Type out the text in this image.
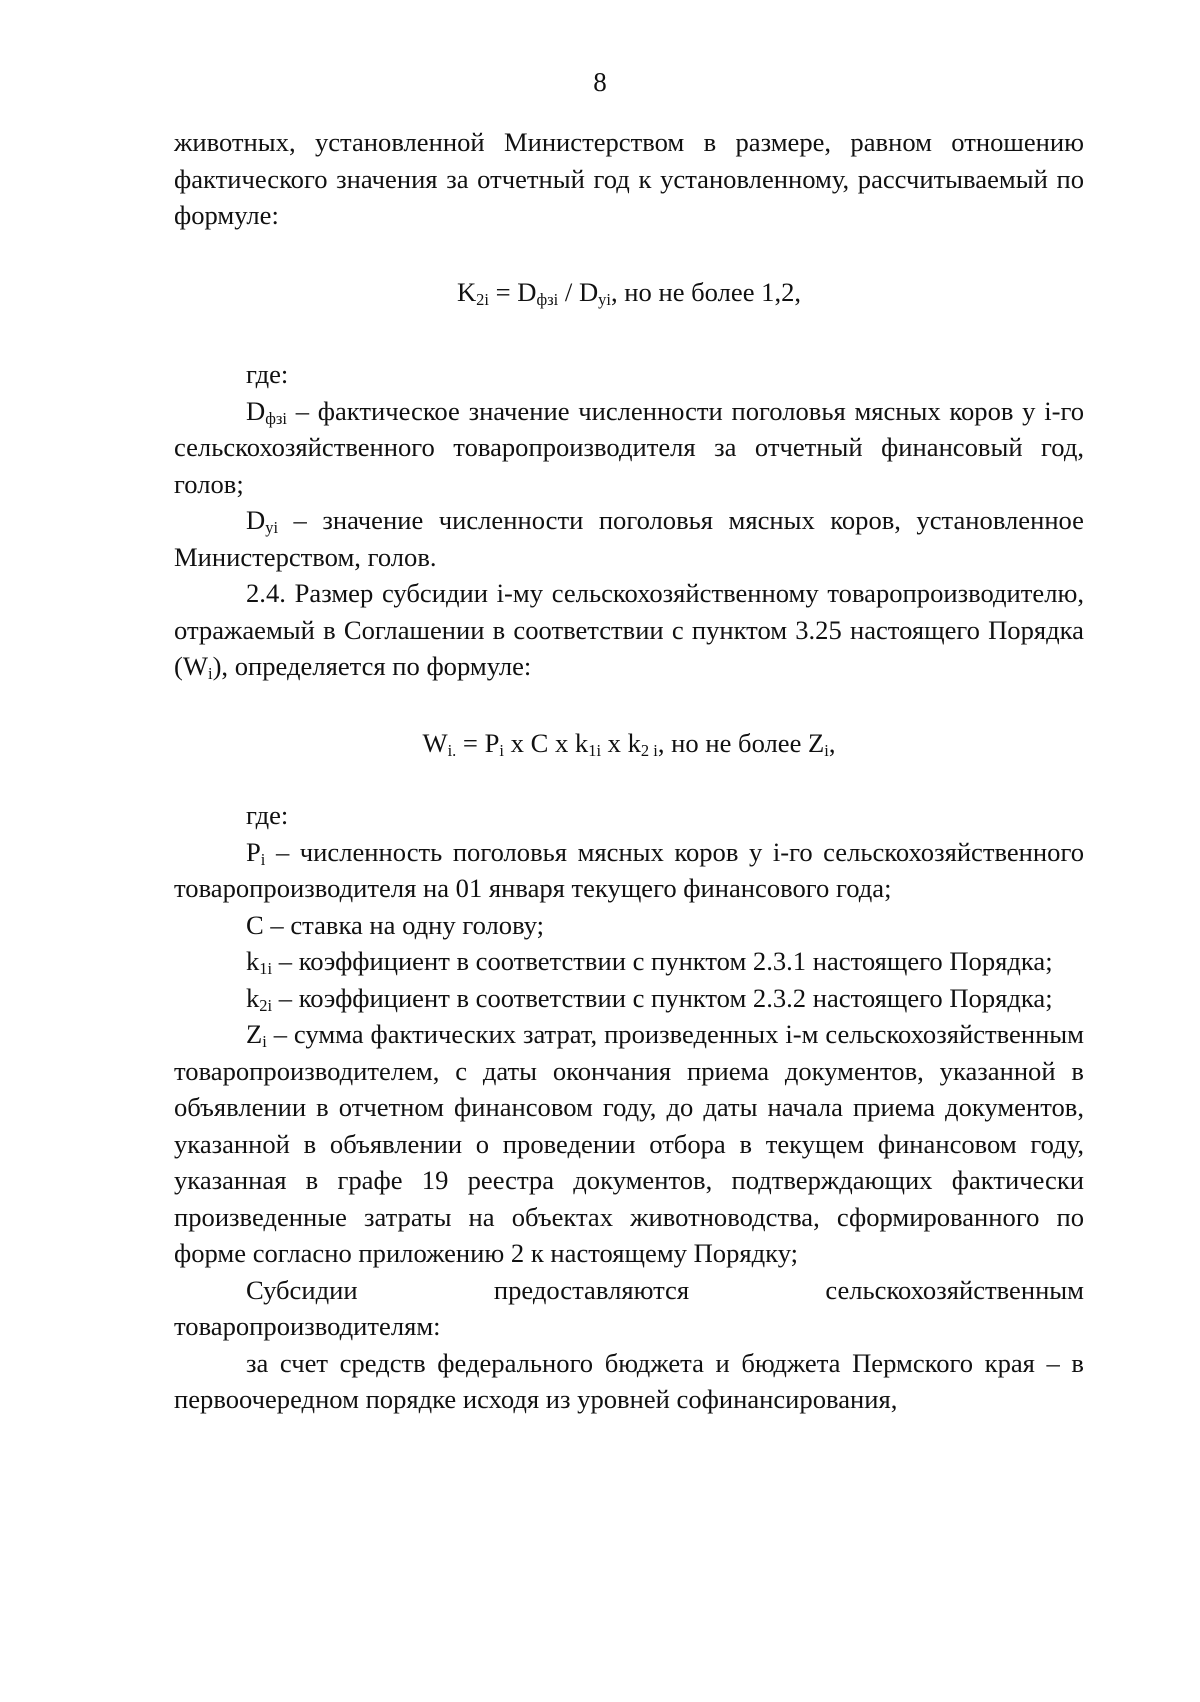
8

животных, установленной Министерством в размере, равном отношению фактического значения за отчетный год к установленному, рассчитываемый по формуле:

$K_{2i} = D_{фзi} / D_{yi}$, но не более 1,2,

где:

$D_{фзi}$ – фактическое значение численности поголовья мясных коров у i-го сельскохозяйственного товаропроизводителя за отчетный финансовый год, голов;

$D_{yi}$ – значение численности поголовья мясных коров, установленное Министерством, голов.

2.4. Размер субсидии i-му сельскохозяйственному товаропроизводителю, отражаемый в Соглашении в соответствии с пунктом 3.25 настоящего Порядка $(W_i)$, определяется по формуле:

$W_{i.} = P_i$ х С х $k_{1i}$ х $k_{2 i}$, но не более $Z_i$,

где:

$P_i$ – численность поголовья мясных коров у i-го сельскохозяйственного товаропроизводителя на 01 января текущего финансового года;

С – ставка на одну голову;

$k_{1i}$ – коэффициент в соответствии с пунктом 2.3.1 настоящего Порядка;

$k_{2i}$ – коэффициент в соответствии с пунктом 2.3.2 настоящего Порядка;

$Z_i$ – сумма фактических затрат, произведенных i-м сельскохозяйственным товаропроизводителем, с даты окончания приема документов, указанной в объявлении в отчетном финансовом году, до даты начала приема документов, указанной в объявлении о проведении отбора в текущем финансовом году, указанная в графе 19 реестра документов, подтверждающих фактически произведенные затраты на объектах животноводства, сформированного по форме согласно приложению 2 к настоящему Порядку;

Субсидии предоставляются сельскохозяйственным товаропроизводителям:

за счет средств федерального бюджета и бюджета Пермского края – в первоочередном порядке исходя из уровней софинансирования,
